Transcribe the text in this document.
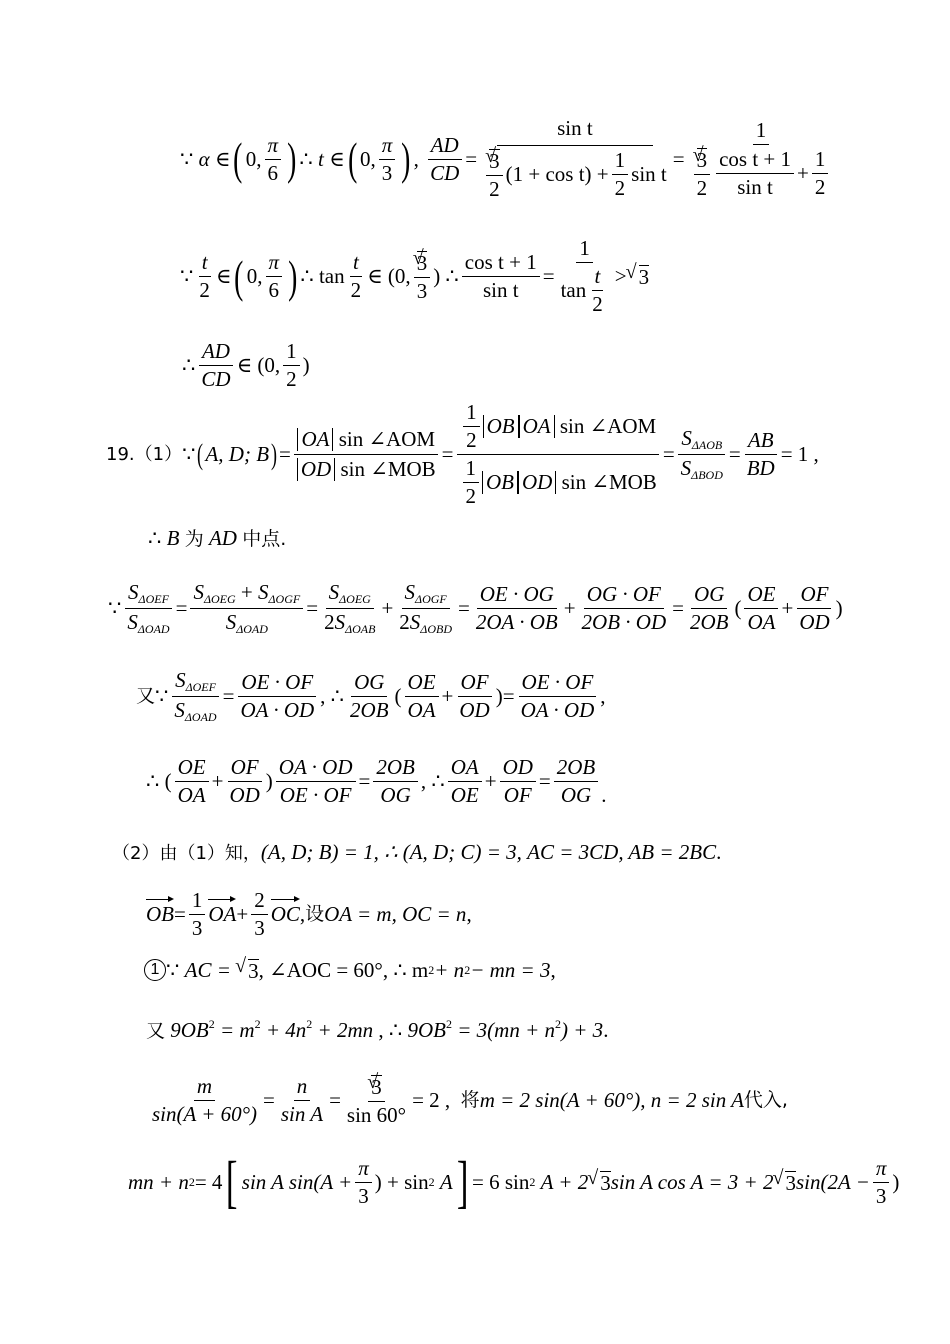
∵
α ∈ ( 0, $\frac{\pi}{6}$ ) ∴
t
∈ ( 0, $\frac{\pi}{3}$ ) ,
$\frac{AD}{CD} = \sin t$
√ $\frac{3}{2} (1 + \cos t) + \frac{1}{2}$ sin t = 1
√ $\frac{3}{2} \frac{\text{cos t + 1}}{\text{sin t}} + \frac{1}{2}$
∵ $\frac{t}{2}$ ∈ ( 0, $\frac{\pi}{6}$ ) ∴ $\tan \frac{t}{2}$ ∈ (0, √ $\frac{3}{3}$ ) ∴ $\frac{\text{cos t + 1}}{\text{sin t}} = \frac{1}{\tan \frac{t}{2}}$ > √ 3
∴ $\frac{AD}{CD}$ ∈ (0, $\frac{1}{2}$ )
19.（1） ∵ ( A, D; B ) = $\frac{\text{OA sin ∠AOM}}{\text{OD sin ∠MOB}} = \frac{1}{2}$ OB OA
sin ∠AOM
$\frac{1}{2}$ OB OD
sin ∠MOB = $\frac{S_{\Delta AOB}}{S_{\Delta BOD}} = \frac{AB}{BD} = 1$ ,
∴ B 为 AD 中点.
∵ $\frac{S_{\Delta OEF}}{S_{\Delta OAD}} = \frac{S_{\Delta OEG} + S_{\Delta OGF}}{S_{\Delta OAD}} = \frac{S_{\Delta OEG}}{2S_{\Delta OAB}} + \frac{S_{\Delta OGF}}{2S_{\Delta OBD}} = \frac{OE \cdot OG}{2OA \cdot OB} + \frac{OG \cdot OF}{2OB \cdot OD} = \frac{OG}{2OB}$ ( $\frac{OE}{OA} + \frac{OF}{OD}$ )
又 ∵ $\frac{S_{\Delta OEF}}{S_{\Delta OAD}} = \frac{OE \cdot OF}{OA \cdot OD}$ ,
∴ $\frac{OG}{2OB}$ ( $\frac{OE}{OA} + \frac{OF}{OD}$ ) = $\frac{OE \cdot OF}{OA \cdot OD}$ ,
∴ ( $\frac{OE}{OA} + \frac{OF}{OD}$ ) $\frac{OA \cdot OD}{OE \cdot OF} = \frac{2OB}{OG}$ , ∴ $\frac{OA}{OE} + \frac{OD}{OF} = \frac{2OB}{OG}$ .
（2）由（1）知，(A, D; B) = 1, ∴ (A, D; C) = 3, AC = 3CD, AB = 2BC.
OB = $\frac{1}{3}$ OA + $\frac{2}{3}$ OC , 设 OA = m, OC = n ,
1 ∵
AC =
√ 3 , ∠AOC = 60°, ∴ m 2 + n 2 − mn = 3 ,
又 $9OB^2 = m^2 + 4n^2 + 2mn$ , ∴ $9OB^2 = 3(mn + n^2) + 3$.
$\frac{m}{\sin(A + 60^\circ)} = \frac{n}{\text{sin A}}$ = √ $\frac{3}{\sin 60^\circ} = 2$ ,
将 m = 2 sin(A + 60°), n = 2 sin A 代入,
mn + n 2 = 4 [ sin A $\sin(A + \frac{\pi}{3}$ ) + sin 2
A ] = 6 sin 2
A + 2 √ 3 sin A cos A = 3 + 2 √ 3 $\sin(2A - \frac{\pi}{3}$ )
